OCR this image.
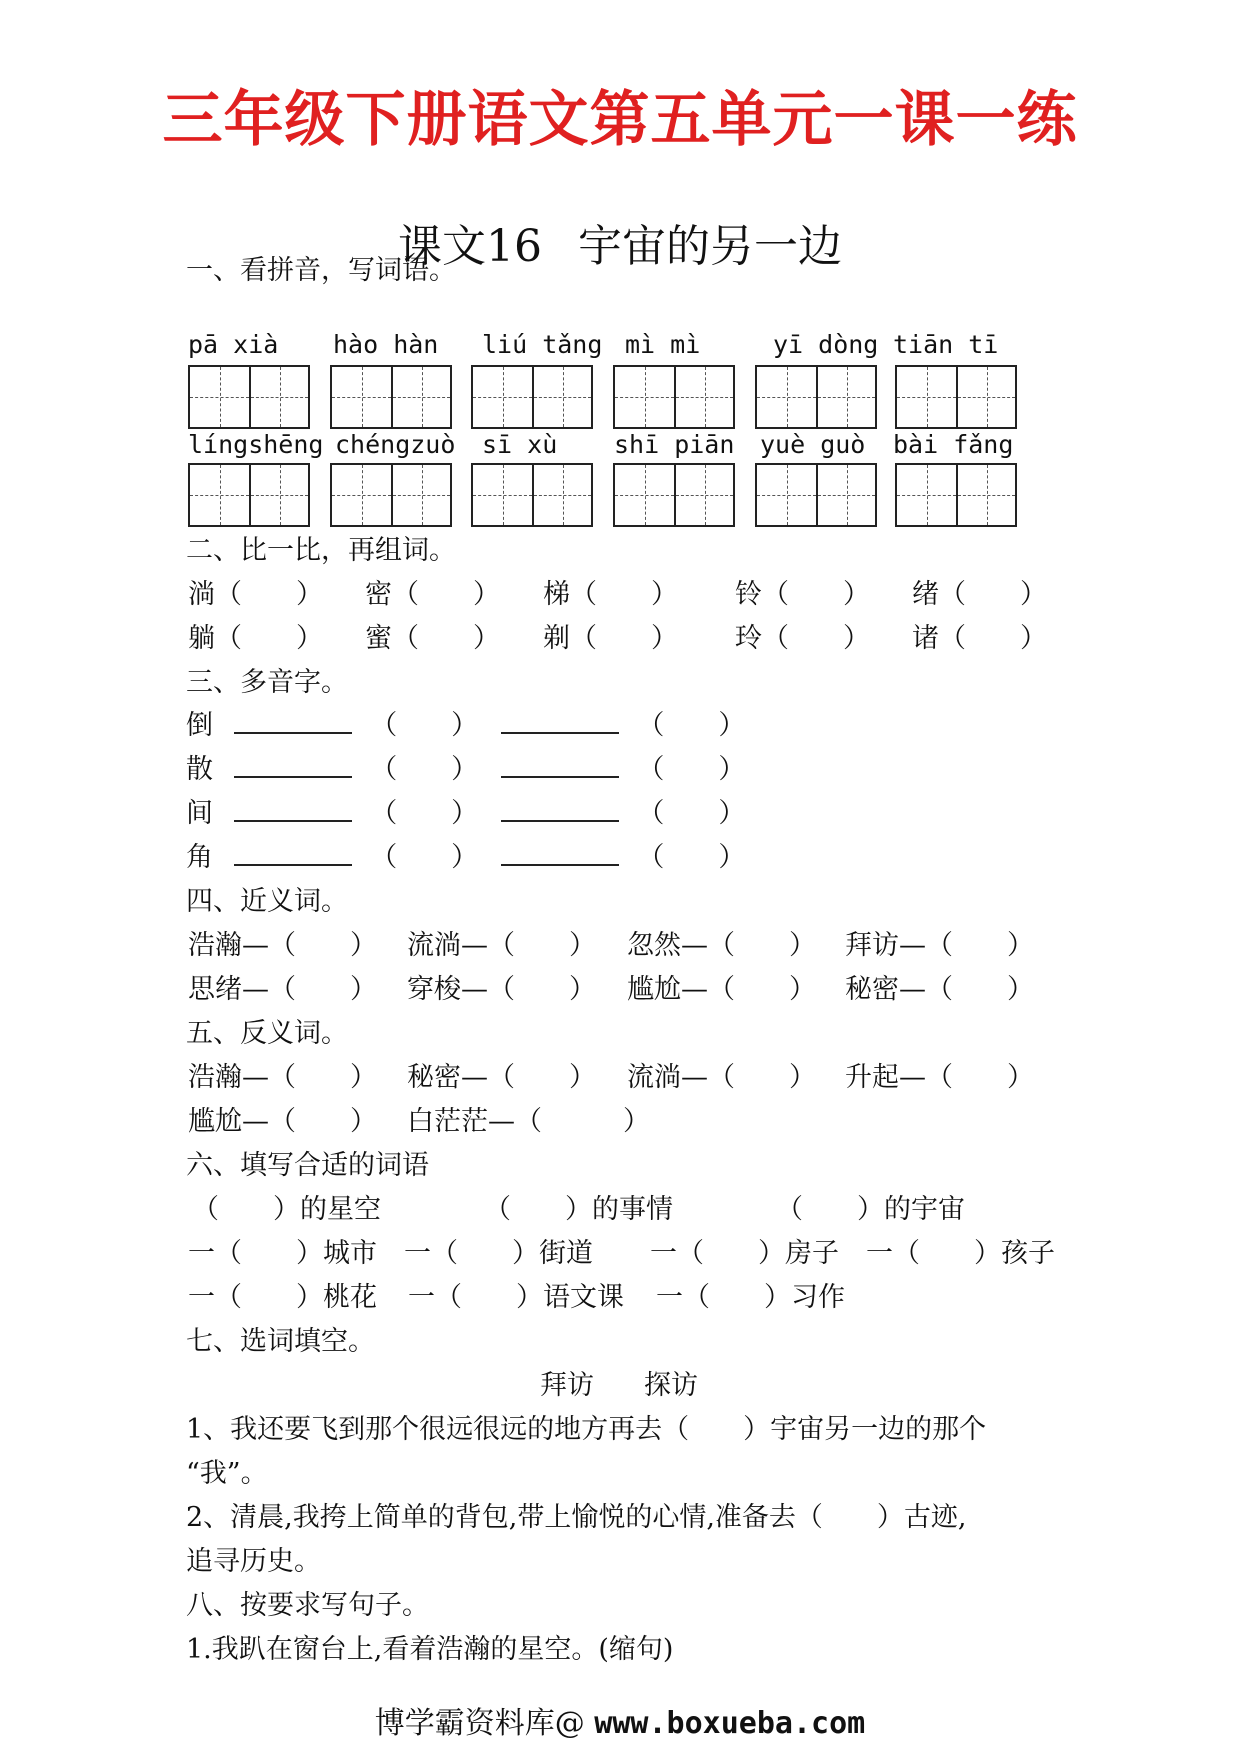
三年级下册语文第五单元一课一练
课文16 宇宙的另一边
一、看拼音，写词语。
pā xià hào hàn liú tǎng mì mì	yī dòng tiān tī
língshēng chéngzuò sī xù shī piān yuè guò bài fǎng
二、比一比，再组词。
淌（　　） 密（　　） 梯（　　） 铃（　　） 绪（　　）
躺（　　） 蜜（　　） 剃（　　） 玲（　　） 诸（　　）
三、多音字。
倒	（　　）	（　　）
散	（　　）	（　　）
间	（　　）	（　　）
角	（　　）	（　　）
四、近义词。
浩瀚—（　　） 流淌—（　　） 忽然—（　　） 拜访—（　　）
思绪—（　　） 穿梭—（　　） 尴尬—（　　） 秘密—（　　）
五、反义词。
浩瀚—（　　） 秘密—（　　） 流淌—（　　） 升起—（　　）
尴尬—（　　） 白茫茫—（　　　）
六、填写合适的词语
（　　）的星空	（　　）的事情	（　　）的宇宙
一（　　）城市 一（　　）街道 一（　　）房子 一（　　）孩子
一（　　）桃花 一（　　）语文课 一（　　）习作
七、选词填空。
拜访 探访
1、我还要飞到那个很远很远的地方再去（　　）宇宙另一边的那个
“我”。
2、清晨,我挎上简单的背包,带上愉悦的心情,准备去（　　）古迹,
追寻历史。
八、按要求写句子。
1.我趴在窗台上,看着浩瀚的星空。(缩句)
博学霸资料库@ www.boxueba.com
